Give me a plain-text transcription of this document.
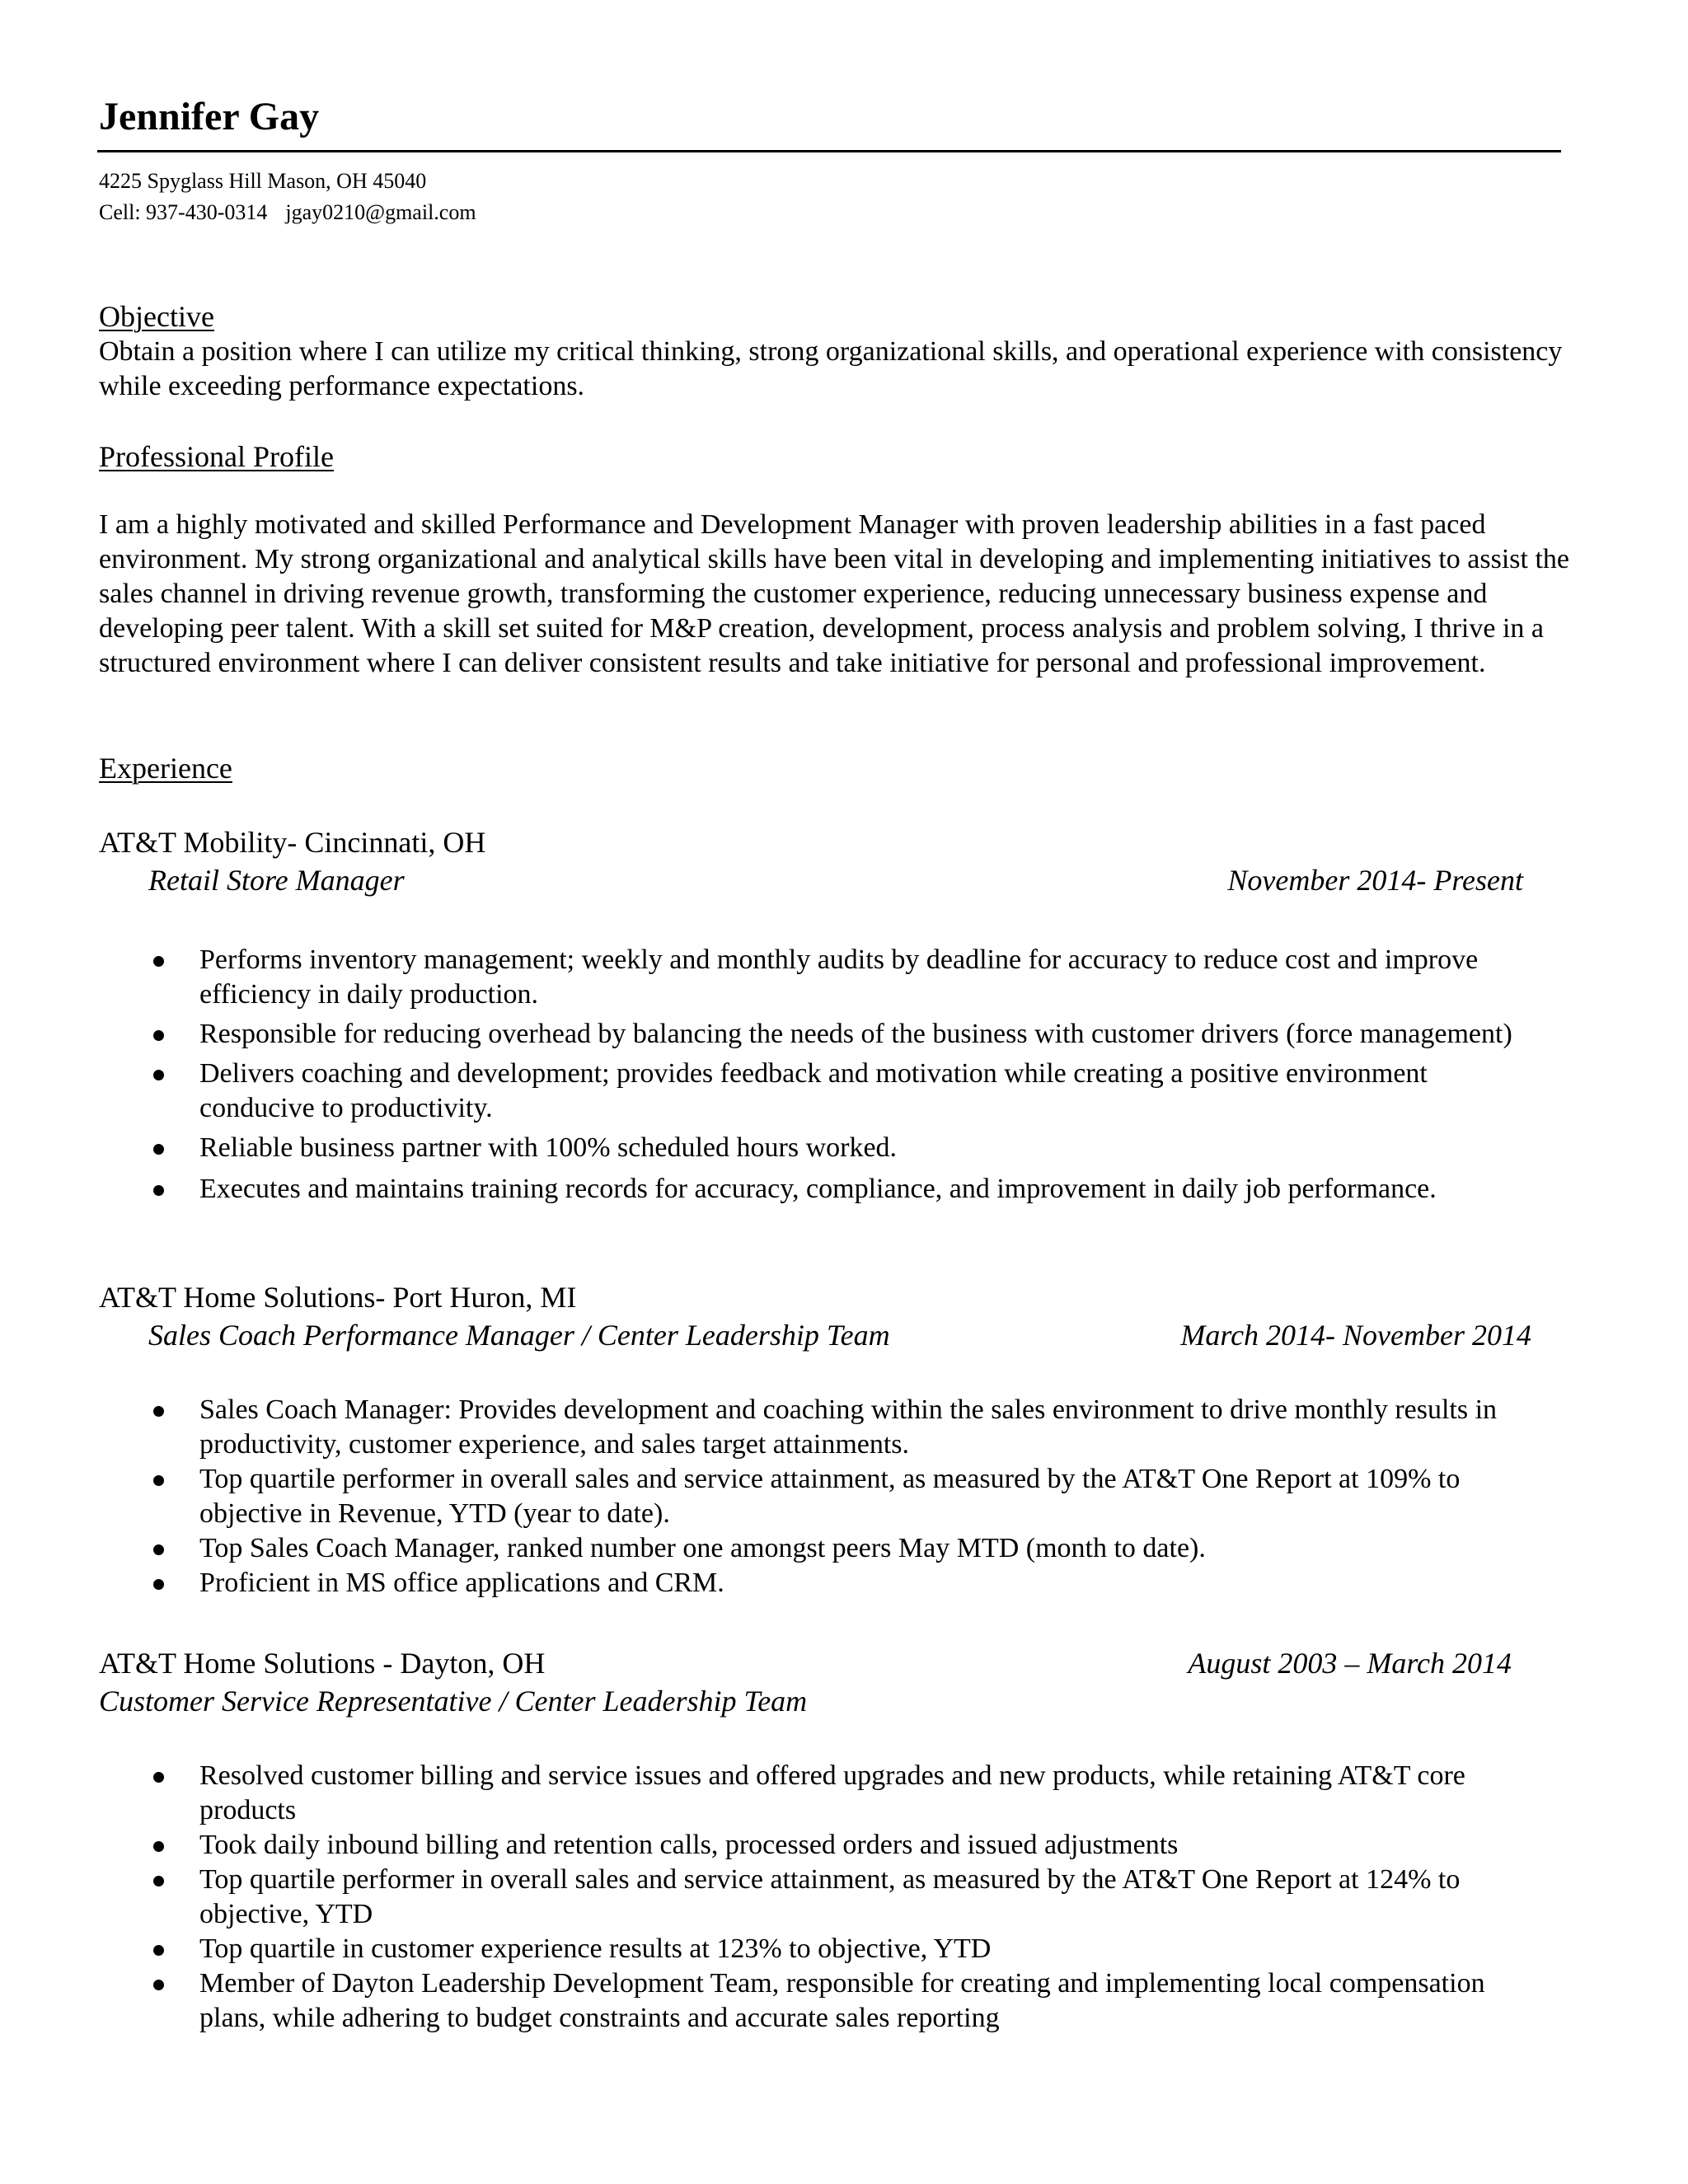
Jennifer Gay
4225 Spyglass Hill Mason, OH 45040
Cell: 937-430-0314 jgay0210@gmail.com
Objective
Obtain a position where I can utilize my critical thinking, strong organizational skills, and operational experience with consistency while exceeding performance expectations.
Professional Profile
I am a highly motivated and skilled Performance and Development Manager with proven leadership abilities in a fast paced environment. My strong organizational and analytical skills have been vital in developing and implementing initiatives to assist the sales channel in driving revenue growth, transforming the customer experience, reducing unnecessary business expense and developing peer talent. With a skill set suited for M&P creation, development, process analysis and problem solving, I thrive in a structured environment where I can deliver consistent results and take initiative for personal and professional improvement.
Experience
AT&T Mobility- Cincinnati, OH
Retail Store Manager	November 2014- Present
Performs inventory management; weekly and monthly audits by deadline for accuracy to reduce cost and improve efficiency in daily production.
Responsible for reducing overhead by balancing the needs of the business with customer drivers (force management)
Delivers coaching and development; provides feedback and motivation while creating a positive environment conducive to productivity.
Reliable business partner with 100% scheduled hours worked.
Executes and maintains training records for accuracy, compliance, and improvement in daily job performance.
AT&T Home Solutions- Port Huron, MI
Sales Coach Performance Manager / Center Leadership Team	March 2014- November 2014
Sales Coach Manager: Provides development and coaching within the sales environment to drive monthly results in productivity, customer experience, and sales target attainments.
Top quartile performer in overall sales and service attainment, as measured by the AT&T One Report at 109% to objective in Revenue, YTD (year to date).
Top Sales Coach Manager, ranked number one amongst peers May MTD (month to date).
Proficient in MS office applications and CRM.
AT&T Home Solutions - Dayton, OH	August 2003 – March 2014
Customer Service Representative / Center Leadership Team
Resolved customer billing and service issues and offered upgrades and new products, while retaining AT&T core products
Took daily inbound billing and retention calls, processed orders and issued adjustments
Top quartile performer in overall sales and service attainment, as measured by the AT&T One Report at 124% to objective, YTD
Top quartile in customer experience results at 123% to objective, YTD
Member of Dayton Leadership Development Team, responsible for creating and implementing local compensation plans, while adhering to budget constraints and accurate sales reporting
